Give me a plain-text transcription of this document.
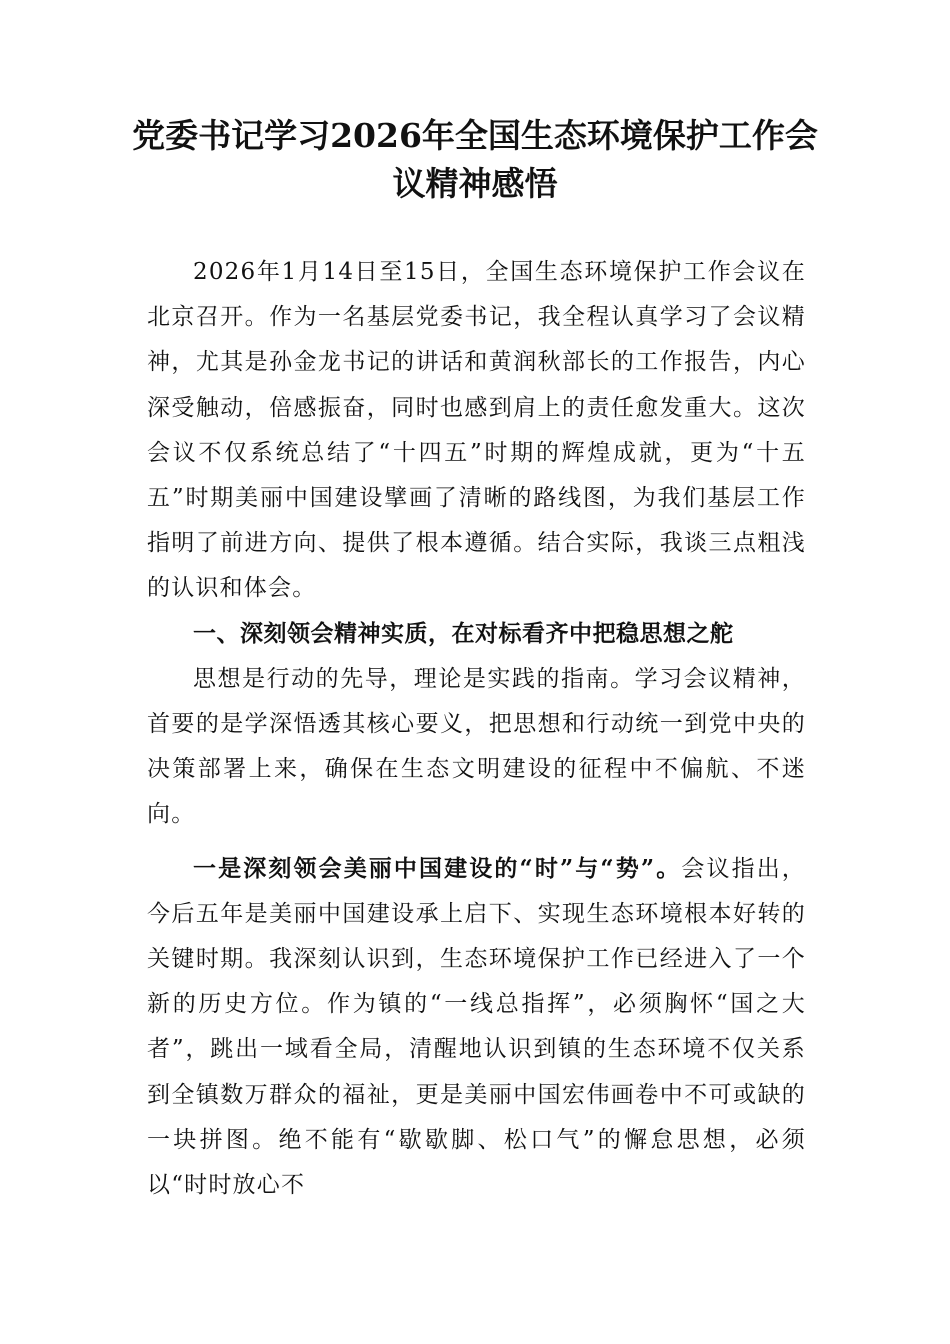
党委书记学习2026年全国生态环境保护工作会议精神感悟

2026年1月14日至15日，全国生态环境保护工作会议在北京召开。作为一名基层党委书记，我全程认真学习了会议精神，尤其是孙金龙书记的讲话和黄润秋部长的工作报告，内心深受触动，倍感振奋，同时也感到肩上的责任愈发重大。这次会议不仅系统总结了“十四五”时期的辉煌成就，更为“十五五”时期美丽中国建设擘画了清晰的路线图，为我们基层工作指明了前进方向、提供了根本遵循。结合实际，我谈三点粗浅的认识和体会。

一、深刻领会精神实质，在对标看齐中把稳思想之舵

思想是行动的先导，理论是实践的指南。学习会议精神，首要的是学深悟透其核心要义，把思想和行动统一到党中央的决策部署上来，确保在生态文明建设的征程中不偏航、不迷向。

一是深刻领会美丽中国建设的“时”与“势”。会议指出，今后五年是美丽中国建设承上启下、实现生态环境根本好转的关键时期。我深刻认识到，生态环境保护工作已经进入了一个新的历史方位。作为镇的“一线总指挥”，必须胸怀“国之大者”，跳出一域看全局，清醒地认识到镇的生态环境不仅关系到全镇数万群众的福祉，更是美丽中国宏伟画卷中不可或缺的一块拼图。绝不能有“歇歇脚、松口气”的懈怠思想，必须以“时时放心不
